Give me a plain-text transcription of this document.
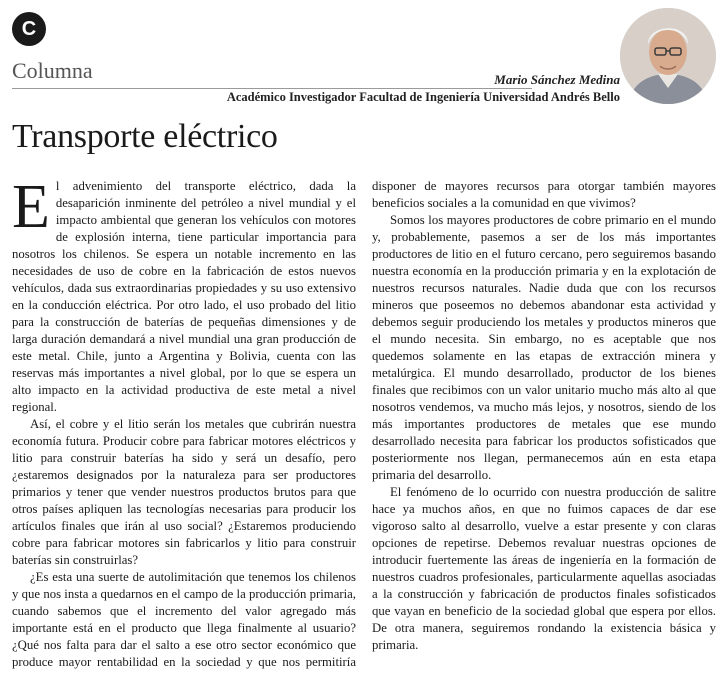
C
Columna	Mario Sánchez Medina
Académico Investigador Facultad de Ingeniería Universidad Andrés Bello
Transporte eléctrico

El advenimiento del transporte eléctrico, dada la desaparición inminente del petróleo a nivel mundial y el impacto ambiental que generan los vehículos con motores de explosión interna, tiene particular importancia para nosotros los chilenos. Se espera un notable incremento en las necesidades de uso de cobre en la fabricación de estos nuevos vehículos, dada sus extraordinarias propiedades y su uso extensivo en la conducción eléctrica. Por otro lado, el uso probado del litio para la construcción de baterías de pequeñas dimensiones y de larga duración demandará a nivel mundial una gran producción de este metal. Chile, junto a Argentina y Bolivia, cuenta con las reservas más importantes a nivel global, por lo que se espera un alto impacto en la actividad productiva de este metal a nivel regional.

Así, el cobre y el litio serán los metales que cubrirán nuestra economía futura. Producir cobre para fabricar motores eléctricos y litio para construir baterías ha sido y será un desafío, pero ¿estaremos designados por la naturaleza para ser productores primarios y tener que vender nuestros productos brutos para que otros países apliquen las tecnologías necesarias para producir los artículos finales que irán al uso social? ¿Estaremos produciendo cobre para fabricar motores sin fabricarlos y litio para construir baterías sin construirlas?

¿Es esta una suerte de autolimitación que tenemos los chilenos y que nos insta a quedarnos en el campo de la producción primaria, cuando sabemos que el incremento del valor agregado más importante está en el producto que llega finalmente al usuario? ¿Qué nos falta para dar el salto a ese otro sector económico que produce mayor rentabilidad en la sociedad y que nos permitiría disponer de mayores recursos para otorgar también mayores beneficios sociales a la comunidad en que vivimos?

Somos los mayores productores de cobre primario en el mundo y, probablemente, pasemos a ser de los más importantes productores de litio en el futuro cercano, pero seguiremos basando nuestra economía en la producción primaria y en la explotación de nuestros recursos naturales. Nadie duda que con los recursos mineros que poseemos no debemos abandonar esta actividad y debemos seguir produciendo los metales y productos mineros que el mundo necesita. Sin embargo, no es aceptable que nos quedemos solamente en las etapas de extracción minera y metalúrgica. El mundo desarrollado, productor de los bienes finales que recibimos con un valor unitario mucho más alto al que nosotros vendemos, va mucho más lejos, y nosotros, siendo de los más importantes productores de metales que ese mundo desarrollado necesita para fabricar los productos sofisticados que posteriormente nos llegan, permanecemos aún en esta etapa primaria del desarrollo.

El fenómeno de lo ocurrido con nuestra producción de salitre hace ya muchos años, en que no fuimos capaces de dar ese vigoroso salto al desarrollo, vuelve a estar presente y con claras opciones de repetirse. Debemos revaluar nuestras opciones de introducir fuertemente las áreas de ingeniería en la formación de nuestros cuadros profesionales, particularmente aquellas asociadas a la construcción y fabricación de productos finales sofisticados que vayan en beneficio de la sociedad global que espera por ellos. De otra manera, seguiremos rondando la existencia básica y primaria.
